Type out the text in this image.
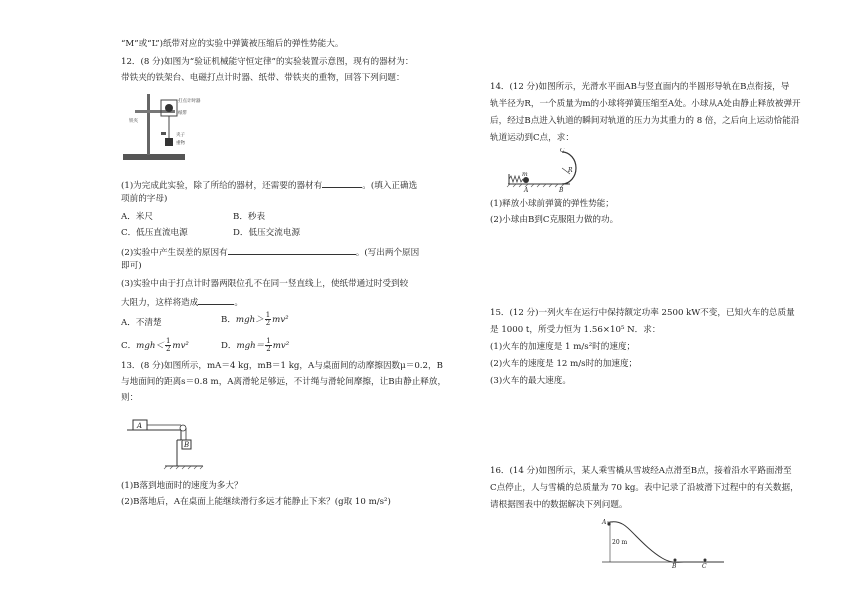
“M”或“L”)纸带对应的实验中弹簧被压缩后的弹性势能大。
12．(8 分)如图为“验证机械能守恒定律”的实验装置示意图，现有的器材为：
带铁夹的铁架台、电磁打点计时器、纸带、带铁夹的重物，回答下列问题：
打点计时器
纸带
铁夹
夹子
重物
(1)为完成此实验，除了所给的器材，还需要的器材有	。(填入正确选
项前的字母)
A．米尺	B．秒表
C．低压直流电源	D．低压交流电源
(2)实验中产生误差的原因有	。(写出两个原因
即可)
(3)实验中由于打点计时器两限位孔不在同一竖直线上，使纸带通过时受到较
大阻力，这样将造成	。
A．不清楚	B．$mgh> \frac{1}{2} mv^2$
C．$mgh< \frac{1}{2} mv^2$	D．$mgh= \frac{1}{2} mv^2$
13．(8 分)如图所示，mA＝4 kg，mB＝1 kg，A与桌面间的动摩擦因数μ＝0.2，B
与地面间的距离s＝0.8 m，A离滑轮足够远，不计绳与滑轮间摩擦，让B由静止释放，
则：
A
B
(1)B落到地面时的速度为多大？
(2)B落地后，A在桌面上能继续滑行多远才能静止下来？(g取 10 m/s²)
14．(12 分)如图所示，光滑水平面AB与竖直面内的半圆形导轨在B点衔接，导
轨半径为R，一个质量为m的小球将弹簧压缩至A处。小球从A处由静止释放被弹开
后，经过B点进入轨道的瞬间对轨道的压力为其重力的 8 倍，之后向上运动恰能沿
轨道运动到C点，求：
m
A
C
B
R
(1)释放小球前弹簧的弹性势能；
(2)小球由B到C克服阻力做的功。
15．(12 分)一列火车在运行中保持额定功率 2500 kW不变，已知火车的总质量
是 1000 t，所受力恒为 1.56×10⁵ N．求：
(1)火车的加速度是 1 m/s²时的速度；
(2)火车的速度是 12 m/s时的加速度；
(3)火车的最大速度。
16．(14 分)如图所示，某人乘雪橇从雪坡经A点滑至B点，接着沿水平路面滑至
C点停止，人与雪橇的总质量为 70 kg。表中记录了沿坡滑下过程中的有关数据，
请根据图表中的数据解决下列问题。
A
20 m
B	C
